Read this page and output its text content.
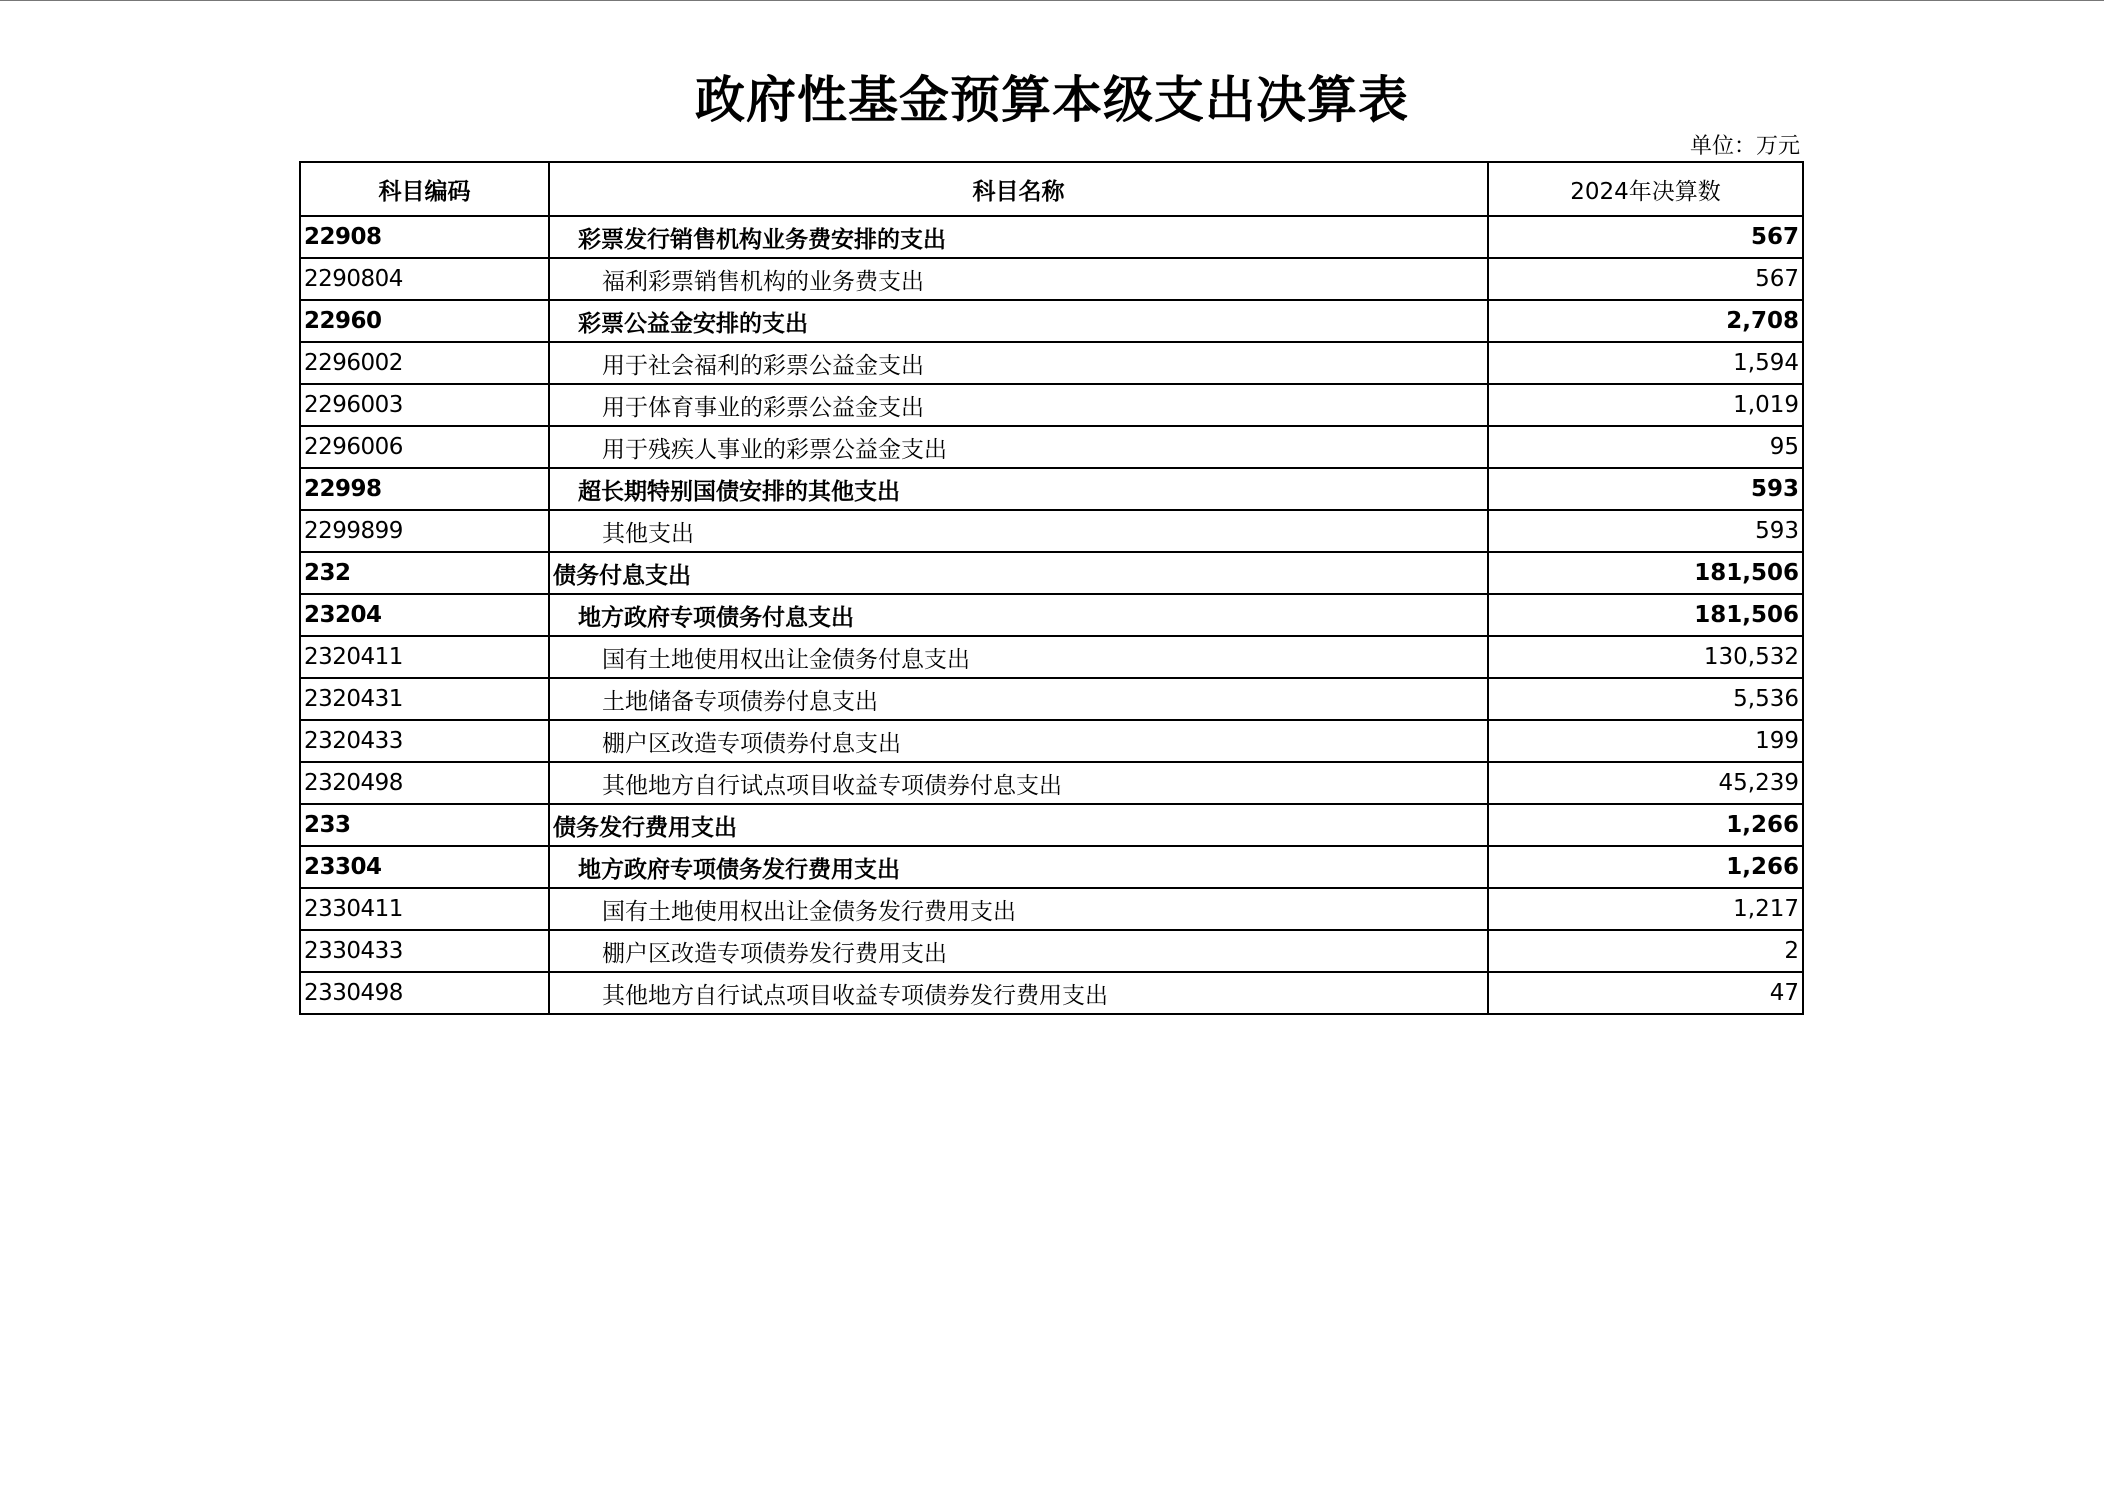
政府性基金预算本级支出决算表
单位：万元
科目编码	科目名称	2024年决算数
22908	彩票发行销售机构业务费安排的支出	567
2290804	福利彩票销售机构的业务费支出	567
22960	彩票公益金安排的支出	2,708
2296002	用于社会福利的彩票公益金支出	1,594
2296003	用于体育事业的彩票公益金支出	1,019
2296006	用于残疾人事业的彩票公益金支出	95
22998	超长期特别国债安排的其他支出	593
2299899	其他支出	593
232	债务付息支出	181,506
23204	地方政府专项债务付息支出	181,506
2320411	国有土地使用权出让金债务付息支出	130,532
2320431	土地储备专项债券付息支出	5,536
2320433	棚户区改造专项债券付息支出	199
2320498	其他地方自行试点项目收益专项债券付息支出	45,239
233	债务发行费用支出	1,266
23304	地方政府专项债务发行费用支出	1,266
2330411	国有土地使用权出让金债务发行费用支出	1,217
2330433	棚户区改造专项债券发行费用支出	2
2330498	其他地方自行试点项目收益专项债券发行费用支出	47
